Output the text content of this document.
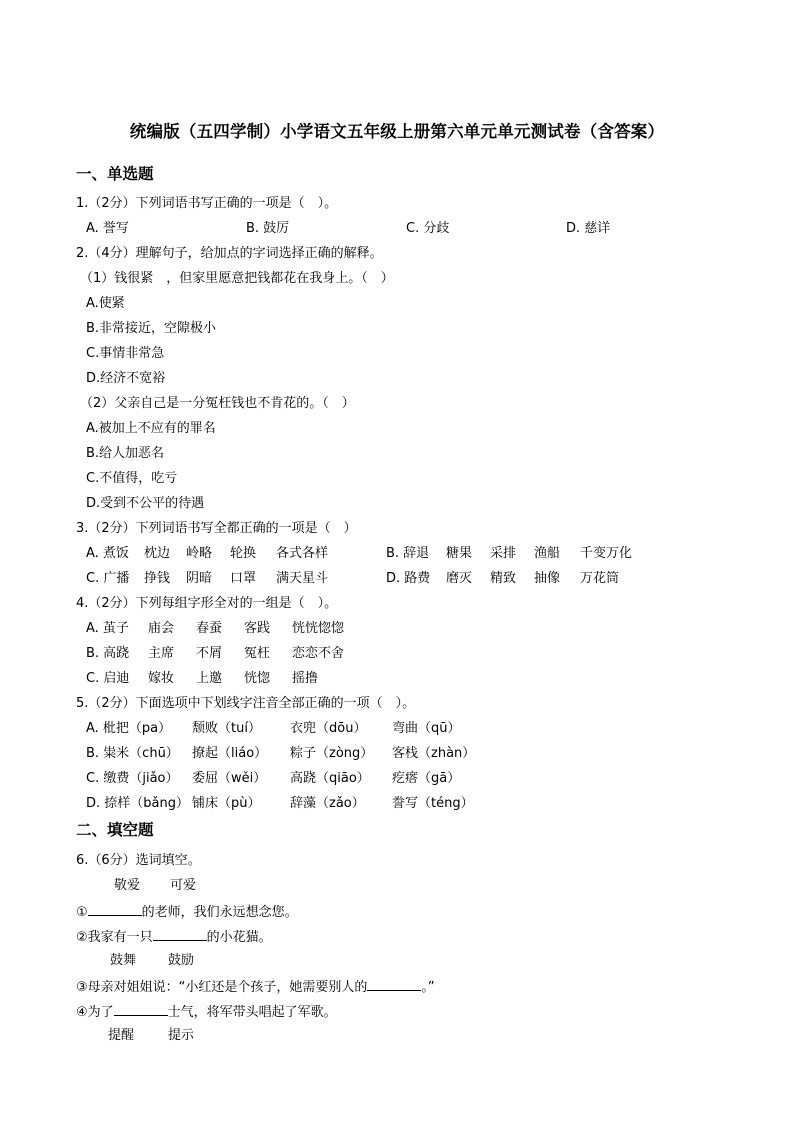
统编版（五四学制）小学语文五年级上册第六单元单元测试卷（含答案）
一、单选题
1.（2分）下列词语书写正确的一项是（　）。
A. 誉写	B. 鼓厉	C. 分歧	D. 慈详
2.（4分）理解句子，给加点的字词选择正确的解释。
（1）钱很紧　，但家里愿意把钱都花在我身上。（　）
A.使紧
B.非常接近，空隙极小
C.事情非常急
D.经济不宽裕
（2）父亲自己是一分冤枉钱也不肯花的。（　）
A.被加上不应有的罪名
B.给人加恶名
C.不值得，吃亏
D.受到不公平的待遇
3.（2分）下列词语书写全都正确的一项是（　）
A. 煮饭 枕边 岭略 轮换 各式各样	B. 辞退 糖果 采排 渔船 千变万化
C. 广播 挣钱 阴暗 口罩 满天星斗	D. 路费 磨灭 精致 抽像 万花筒
4.（2分）下列每组字形全对的一组是（　）。
A. 茧子 庙会 春蚕 客践 恍恍惚惚
B. 高跷 主席 不屑 冤枉 恋恋不舍
C. 启迪 嫁妆 上邀 恍惚 摇撸
5.（2分）下面选项中下划线字注音全部正确的一项（　）。
A. 枇把（pa） 颓败（tuí） 衣兜（dōu） 弯曲（qū）
B. 粜米（chū） 撩起（liáo） 粽子（zòng） 客栈（zhàn）
C. 缴费（jiǎo） 委屈（wěi） 高跷（qiāo） 疙瘩（gā）
D. 捺样（bǎng） 铺床（pù） 辞藻（zǎo） 誊写（téng）
二、填空题
6.（6分）选词填空。
敬爱 可爱
①	的老师，我们永远想念您。
②我家有一只	的小花猫。
鼓舞 鼓励
③母亲对姐姐说：“小红还是个孩子，她需要别人的	。”
④为了	士气，将军带头唱起了军歌。
提醒	提示
